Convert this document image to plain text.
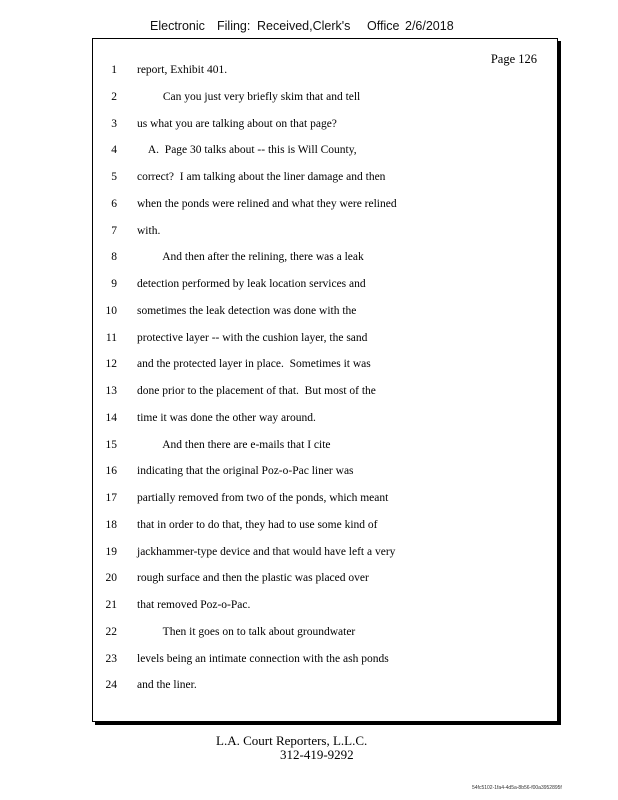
Electronic Filing: Received,Clerk's Office 2/6/2018
Page 126
1 report, Exhibit 401.
2 Can you just very briefly skim that and tell
3 us what you are talking about on that page?
4 A.  Page 30 talks about -- this is Will County,
5 correct?  I am talking about the liner damage and then
6 when the ponds were relined and what they were relined
7 with.
8 And then after the relining, there was a leak
9 detection performed by leak location services and
10 sometimes the leak detection was done with the
11 protective layer -- with the cushion layer, the sand
12 and the protected layer in place.  Sometimes it was
13 done prior to the placement of that.  But most of the
14 time it was done the other way around.
15 And then there are e-mails that I cite
16 indicating that the original Poz-o-Pac liner was
17 partially removed from two of the ponds, which meant
18 that in order to do that, they had to use some kind of
19 jackhammer-type device and that would have left a very
20 rough surface and then the plastic was placed over
21 that removed Poz-o-Pac.
22 Then it goes on to talk about groundwater
23 levels being an intimate connection with the ash ponds
24 and the liner.
L.A. Court Reporters, L.L.C.
312-419-9292
54fc5102-1fa4-4d5a-8b56-f00a3952895f
